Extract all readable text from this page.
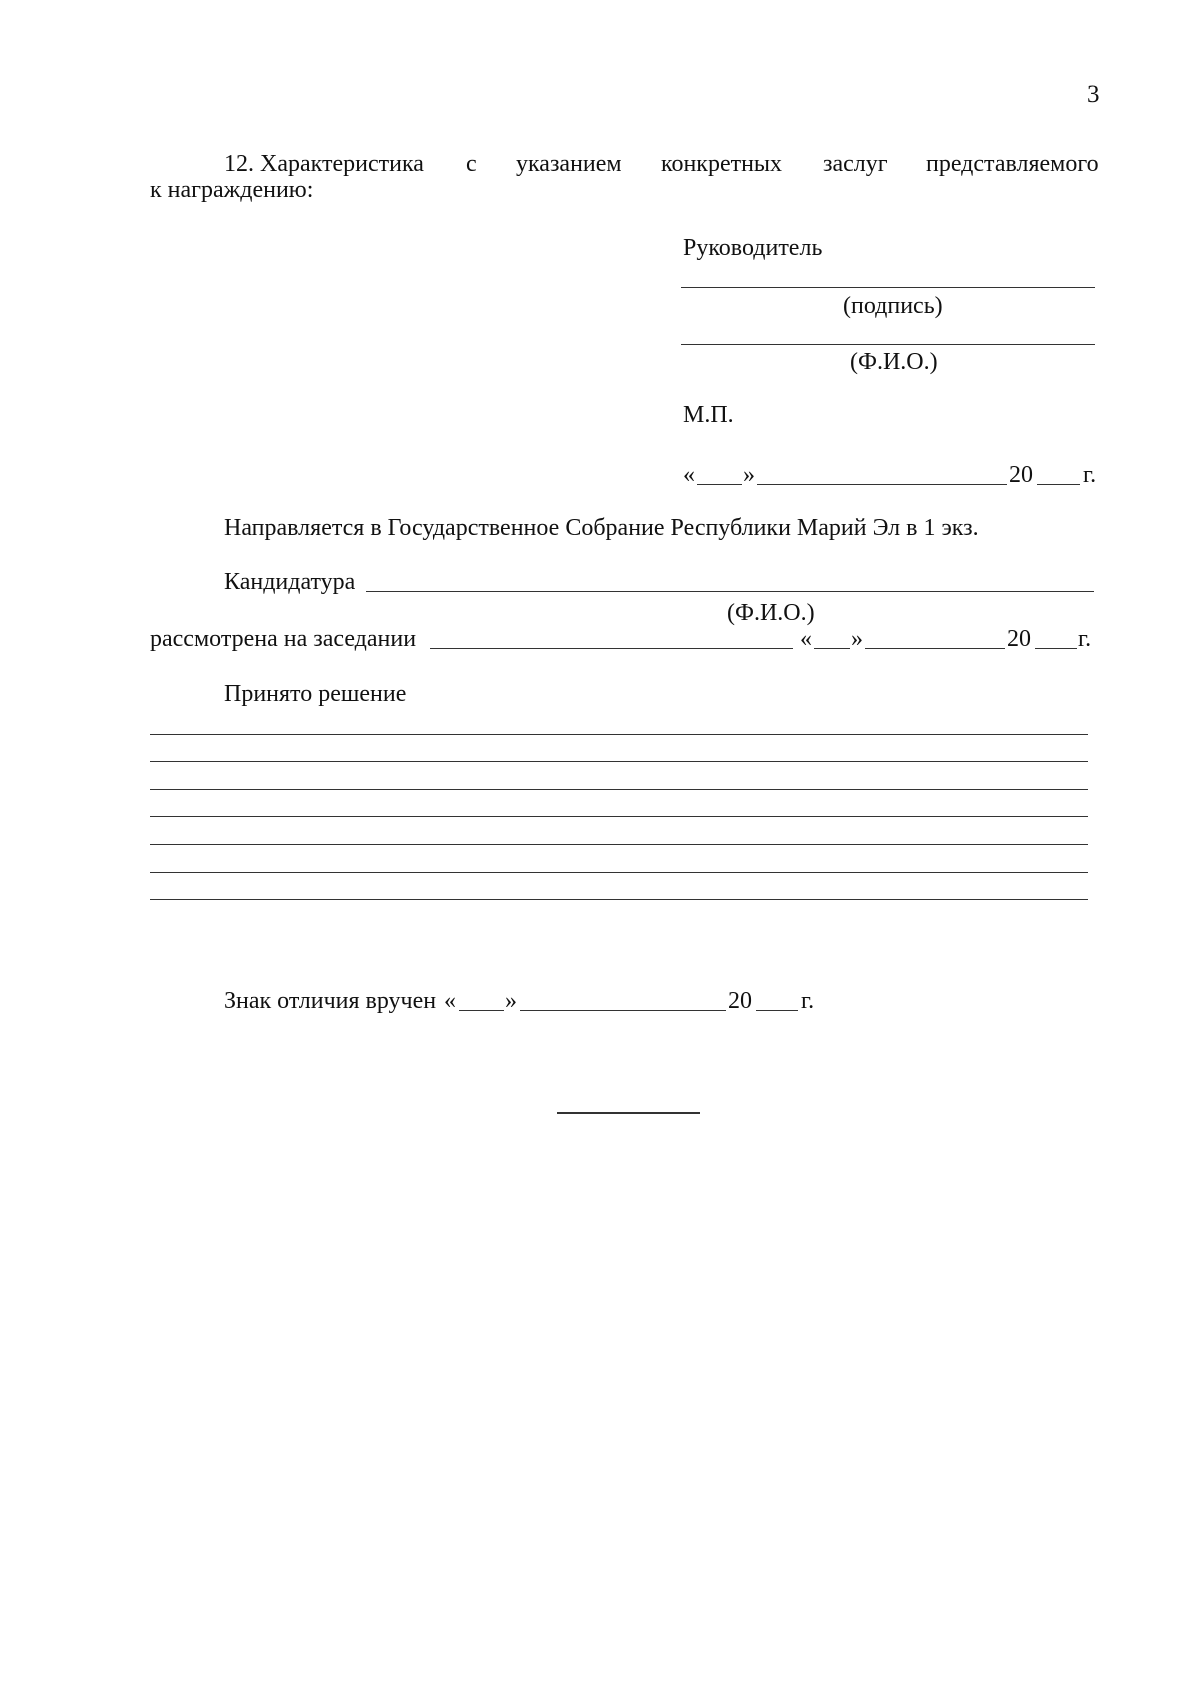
3
12. Характеристика с указанием конкретных заслуг представляемого
к награждению:
Руководитель
(подпись)
(Ф.И.О.)
М.П.
« »	20 г.
Направляется в Государственное Собрание Республики Марий Эл в 1 экз.
Кандидатура
(Ф.И.О.)
рассмотрена на заседании	« »	20 г.
Принято решение
Знак отличия вручен « »	20 г.
